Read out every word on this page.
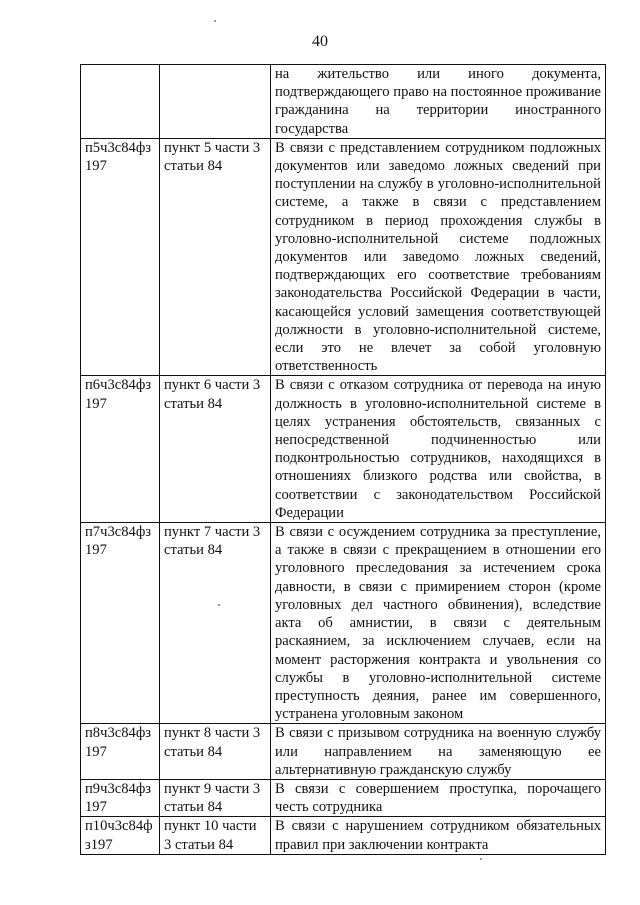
40
		на жительство или иного документа, подтверждающего право на постоянное проживание гражданина на территории иностранного государства
п5ч3с84фз 197	пункт 5 части 3 статьи 84	В связи с представлением сотрудником подложных документов или заведомо ложных сведений при поступлении на службу в уголовно-исполнительной системе, а также в связи с представлением сотрудником в период прохождения службы в уголовно-исполнительной системе подложных документов или заведомо ложных сведений, подтверждающих его соответствие требованиям законодательства Российской Федерации в части, касающейся условий замещения соответствующей должности в уголовно-исполнительной системе, если это не влечет за собой уголовную ответственность
п6ч3с84фз 197	пункт 6 части 3 статьи 84	В связи с отказом сотрудника от перевода на иную должность в уголовно-исполнительной системе в целях устранения обстоятельств, связанных с непосредственной подчиненностью или подконтрольностью сотрудников, находящихся в отношениях близкого родства или свойства, в соответствии с законодательством Российской Федерации
п7ч3с84фз 197	пункт 7 части 3 статьи 84	В связи с осуждением сотрудника за преступление, а также в связи с прекращением в отношении его уголовного преследования за истечением срока давности, в связи с примирением сторон (кроме уголовных дел частного обвинения), вследствие акта об амнистии, в связи с деятельным раскаянием, за исключением случаев, если на момент расторжения контракта и увольнения со службы в уголовно-исполнительной системе преступность деяния, ранее им совершенного, устранена уголовным законом
п8ч3с84фз 197	пункт 8 части 3 статьи 84	В связи с призывом сотрудника на военную службу или направлением на заменяющую ее альтернативную гражданскую службу
п9ч3с84фз 197	пункт 9 части 3 статьи 84	В связи с совершением проступка, порочащего честь сотрудника
п10ч3с84ф з197	пункт 10 части 3 статьи 84	В связи с нарушением сотрудником обязательных правил при заключении контракта
